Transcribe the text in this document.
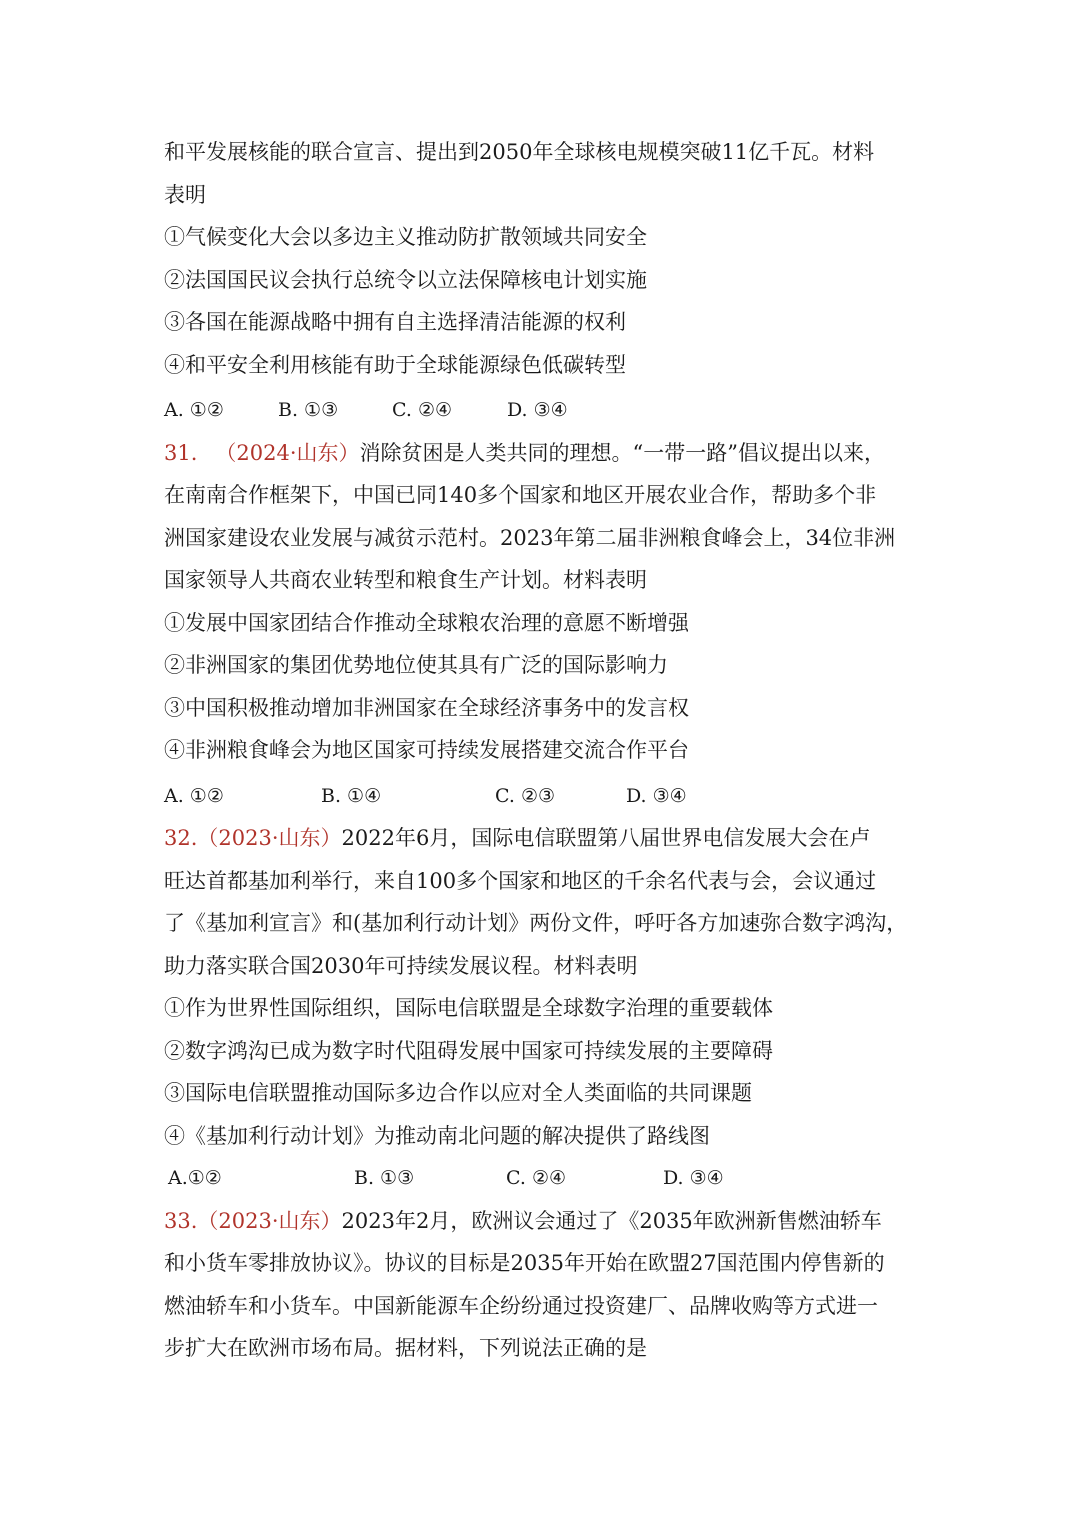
和平发展核能的联合宣言、提出到2050年全球核电规模突破11亿千瓦。材料
表明
①气候变化大会以多边主义推动防扩散领域共同安全
②法国国民议会执行总统令以立法保障核电计划实施
③各国在能源战略中拥有自主选择清洁能源的权利
④和平安全利用核能有助于全球能源绿色低碳转型
A. ①②	B. ①③	C. ②④	D. ③④
31. （2024·山东）消除贫困是人类共同的理想。“一带一路”倡议提出以来，
在南南合作框架下，中国已同140多个国家和地区开展农业合作，帮助多个非
洲国家建设农业发展与减贫示范村。2023年第二届非洲粮食峰会上，34位非洲
国家领导人共商农业转型和粮食生产计划。材料表明
①发展中国家团结合作推动全球粮农治理的意愿不断增强
②非洲国家的集团优势地位使其具有广泛的国际影响力
③中国积极推动增加非洲国家在全球经济事务中的发言权
④非洲粮食峰会为地区国家可持续发展搭建交流合作平台
A. ①②	B. ①④	C. ②③	D. ③④
32.（2023·山东）2022年6月，国际电信联盟第八届世界电信发展大会在卢
旺达首都基加利举行，来自100多个国家和地区的千余名代表与会，会议通过
了《基加利宣言》和(基加利行动计划》两份文件，呼吁各方加速弥合数字鸿沟，
助力落实联合国2030年可持续发展议程。材料表明
①作为世界性国际组织，国际电信联盟是全球数字治理的重要载体
②数字鸿沟已成为数字时代阻碍发展中国家可持续发展的主要障碍
③国际电信联盟推动国际多边合作以应对全人类面临的共同课题
④《基加利行动计划》为推动南北问题的解决提供了路线图
A.①②	B. ①③	C. ②④	D. ③④
33.（2023·山东）2023年2月，欧洲议会通过了《2035年欧洲新售燃油轿车
和小货车零排放协议》。协议的目标是2035年开始在欧盟27国范围内停售新的
燃油轿车和小货车。中国新能源车企纷纷通过投资建厂、品牌收购等方式进一
步扩大在欧洲市场布局。据材料，下列说法正确的是
